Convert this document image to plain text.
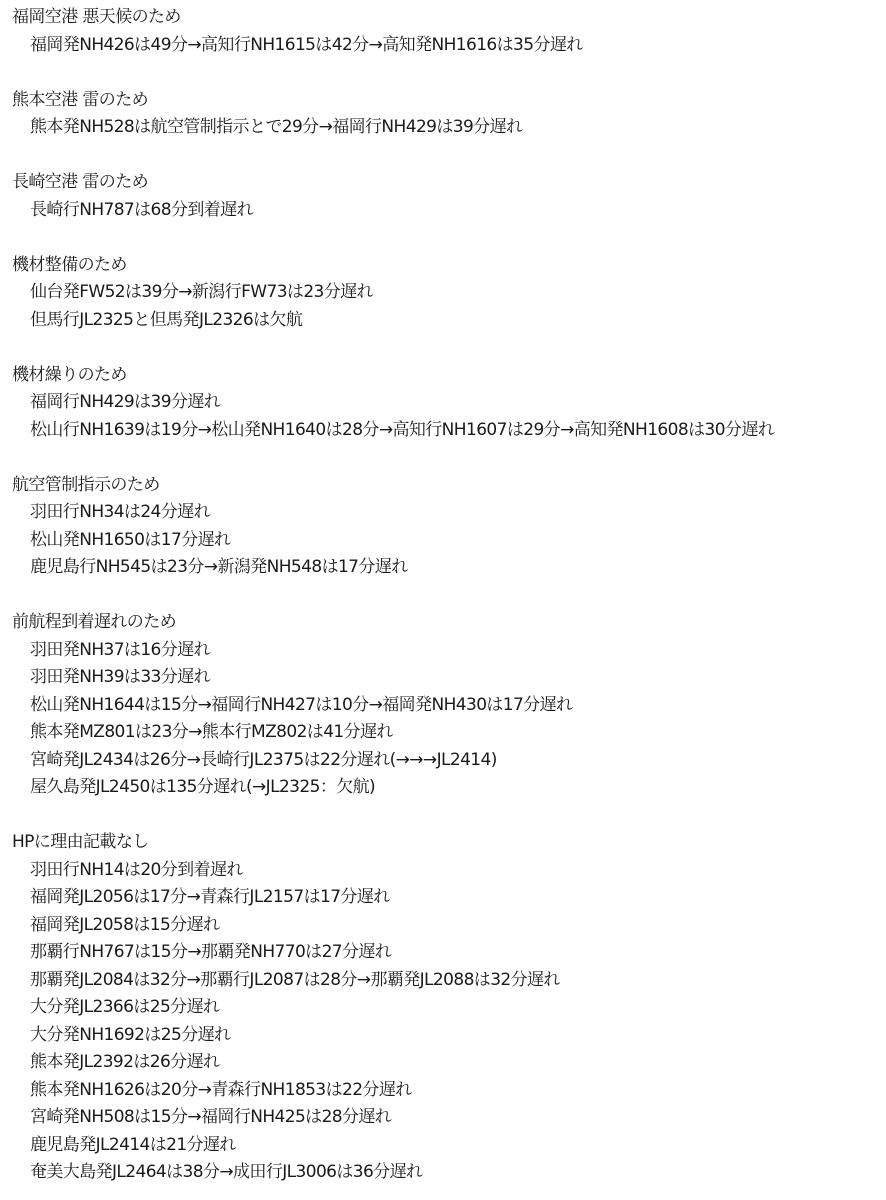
福岡空港 悪天候のため
福岡発NH426は49分→高知行NH1615は42分→高知発NH1616は35分遅れ
熊本空港 雷のため
熊本発NH528は航空管制指示とで29分→福岡行NH429は39分遅れ
長崎空港 雷のため
長崎行NH787は68分到着遅れ
機材整備のため
仙台発FW52は39分→新潟行FW73は23分遅れ
但馬行JL2325と但馬発JL2326は欠航
機材繰りのため
福岡行NH429は39分遅れ
松山行NH1639は19分→松山発NH1640は28分→高知行NH1607は29分→高知発NH1608は30分遅れ
航空管制指示のため
羽田行NH34は24分遅れ
松山発NH1650は17分遅れ
鹿児島行NH545は23分→新潟発NH548は17分遅れ
前航程到着遅れのため
羽田発NH37は16分遅れ
羽田発NH39は33分遅れ
松山発NH1644は15分→福岡行NH427は10分→福岡発NH430は17分遅れ
熊本発MZ801は23分→熊本行MZ802は41分遅れ
宮崎発JL2434は26分→長崎行JL2375は22分遅れ(→→→JL2414)
屋久島発JL2450は135分遅れ(→JL2325：欠航)
HPに理由記載なし
羽田行NH14は20分到着遅れ
福岡発JL2056は17分→青森行JL2157は17分遅れ
福岡発JL2058は15分遅れ
那覇行NH767は15分→那覇発NH770は27分遅れ
那覇発JL2084は32分→那覇行JL2087は28分→那覇発JL2088は32分遅れ
大分発JL2366は25分遅れ
大分発NH1692は25分遅れ
熊本発JL2392は26分遅れ
熊本発NH1626は20分→青森行NH1853は22分遅れ
宮崎発NH508は15分→福岡行NH425は28分遅れ
鹿児島発JL2414は21分遅れ
奄美大島発JL2464は38分→成田行JL3006は36分遅れ
